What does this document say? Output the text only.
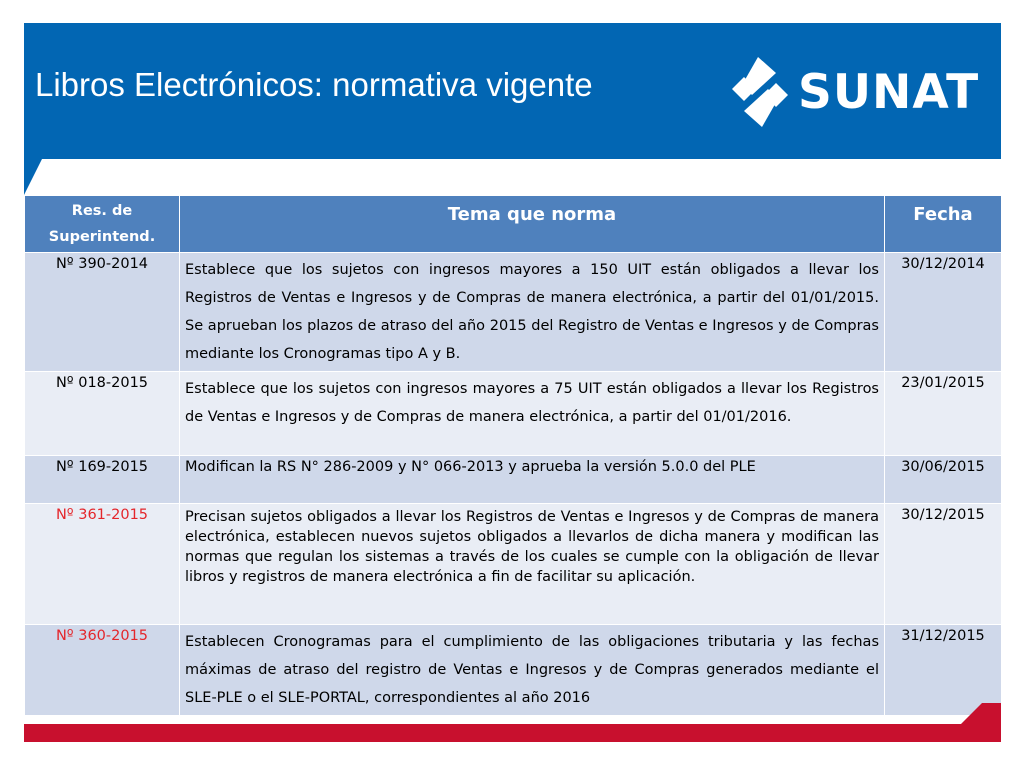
Libros Electrónicos: normativa vigente	SUNAT
Res. de Superintend.	Tema que norma	Fecha
Nº 390-2014	Establece que los sujetos con ingresos mayores a 150 UIT están obligados a llevar los Registros de Ventas e Ingresos y de Compras de manera electrónica, a partir del 01/01/2015. Se aprueban los plazos de atraso del año 2015 del Registro de Ventas e Ingresos y de Compras mediante los Cronogramas tipo A y B.	30/12/2014
Nº 018-2015	Establece que los sujetos con ingresos mayores a 75 UIT están obligados a llevar los Registros de Ventas e Ingresos y de Compras de manera electrónica, a partir del 01/01/2016.	23/01/2015
Nº 169-2015	Modifican la RS N° 286-2009 y N° 066-2013 y aprueba la versión 5.0.0 del PLE	30/06/2015
Nº 361-2015	Precisan sujetos obligados a llevar los Registros de Ventas e Ingresos y de Compras de manera electrónica, establecen nuevos sujetos obligados a llevarlos de dicha manera y modifican las normas que regulan los sistemas a través de los cuales se cumple con la obligación de llevar libros y registros de manera electrónica a fin de facilitar su aplicación.	30/12/2015
Nº 360-2015	Establecen Cronogramas para el cumplimiento de las obligaciones tributaria y las fechas máximas de atraso del registro de Ventas e Ingresos y de Compras generados mediante el SLE-PLE o el SLE-PORTAL, correspondientes al año 2016	31/12/2015
